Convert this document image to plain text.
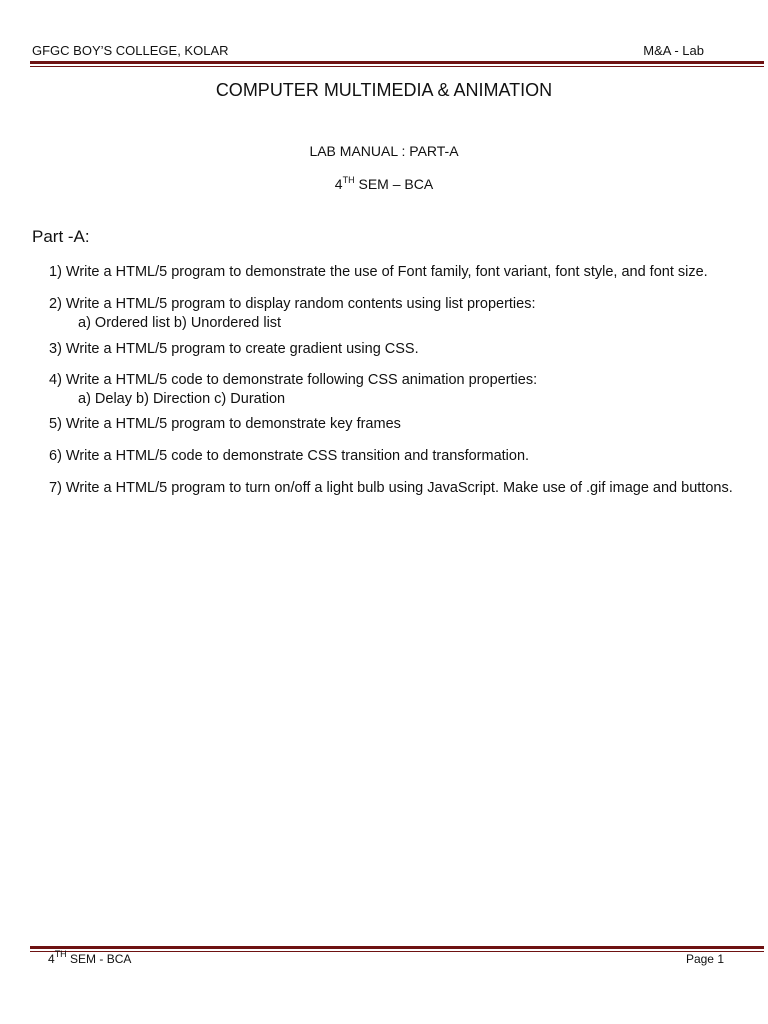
GFGC BOY’S COLLEGE, KOLAR	M&A - Lab
COMPUTER MULTIMEDIA & ANIMATION
LAB MANUAL : PART-A
4TH SEM – BCA
Part -A:
1) Write a HTML/5 program to demonstrate the use of Font family, font variant, font style, and font size.
2) Write a HTML/5 program to display random contents using list properties:
a) Ordered list b) Unordered list
3) Write a HTML/5 program to create gradient using CSS.
4) Write a HTML/5 code to demonstrate following CSS animation properties:
a) Delay b) Direction c) Duration
5) Write a HTML/5 program to demonstrate key frames
6) Write a HTML/5 code to demonstrate CSS transition and transformation.
7) Write a HTML/5 program to turn on/off a light bulb using JavaScript. Make use of .gif image and buttons.
4TH SEM - BCA	Page 1
